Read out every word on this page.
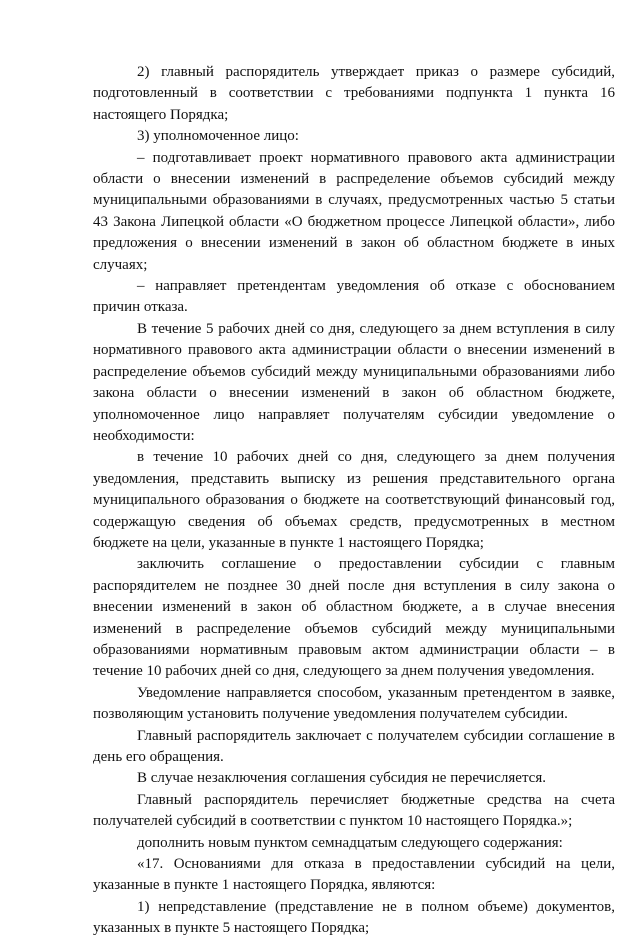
2) главный распорядитель утверждает приказ о размере субсидий, подготовленный в соответствии с требованиями подпункта 1 пункта 16 настоящего Порядка;

3) уполномоченное лицо:

– подготавливает проект нормативного правового акта администрации области о внесении изменений в распределение объемов субсидий между муниципальными образованиями в случаях, предусмотренных частью 5 статьи 43 Закона Липецкой области «О бюджетном процессе Липецкой области», либо предложения о внесении изменений в закон об областном бюджете в иных случаях;

– направляет претендентам уведомления об отказе с обоснованием причин отказа.

В течение 5 рабочих дней со дня, следующего за днем вступления в силу нормативного правового акта администрации области о внесении изменений в распределение объемов субсидий между муниципальными образованиями либо закона области о внесении изменений в закон об областном бюджете, уполномоченное лицо направляет получателям субсидии уведомление о необходимости:

в течение 10 рабочих дней со дня, следующего за днем получения уведомления, представить выписку из решения представительного органа муниципального образования о бюджете на соответствующий финансовый год, содержащую сведения об объемах средств, предусмотренных в местном бюджете на цели, указанные в пункте 1 настоящего Порядка;

заключить соглашение о предоставлении субсидии с главным распорядителем не позднее 30 дней после дня вступления в силу закона о внесении изменений в закон об областном бюджете, а в случае внесения изменений в распределение объемов субсидий между муниципальными образованиями нормативным правовым актом администрации области – в течение 10 рабочих дней со дня, следующего за днем получения уведомления.

Уведомление направляется способом, указанным претендентом в заявке, позволяющим установить получение уведомления получателем субсидии.

Главный распорядитель заключает с получателем субсидии соглашение в день его обращения.

В случае незаключения соглашения субсидия не перечисляется.

Главный распорядитель перечисляет бюджетные средства на счета получателей субсидий в соответствии с пунктом 10 настоящего Порядка.»;

дополнить новым пунктом семнадцатым следующего содержания:

«17. Основаниями для отказа в предоставлении субсидий на цели, указанные в пункте 1 настоящего Порядка, являются:

1) непредставление (представление не в полном объеме) документов, указанных в пункте 5 настоящего Порядка;
